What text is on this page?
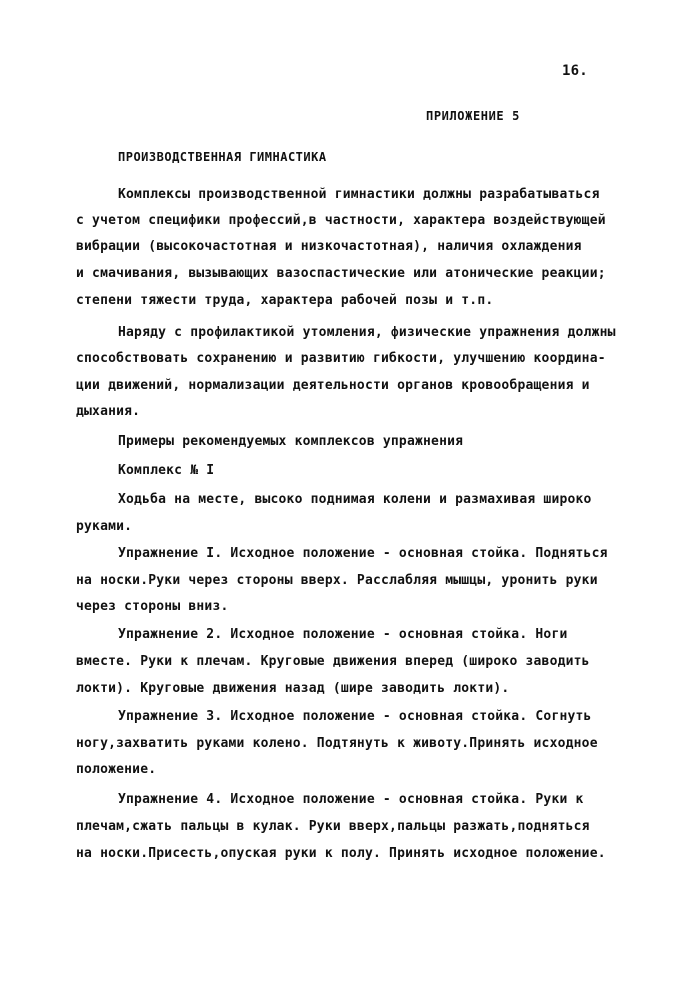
16.
ПРИЛОЖЕНИЕ 5
ПРОИЗВОДСТВЕННАЯ ГИМНАСТИКА
Комплексы производственной гимнастики должны разрабатываться
с учетом специфики профессий,в частности, характера воздействующей
вибрации (высокочастотная и низкочастотная), наличия охлаждения
и смачивания, вызывающих вазоспастические или атонические реакции;
степени тяжести труда, характера рабочей позы и т.п.
Наряду с профилактикой утомления, физические упражнения должны
способствовать сохранению и развитию гибкости, улучшению координа-
ции движений, нормализации деятельности органов кровообращения и
дыхания.
Примеры рекомендуемых комплексов упражнения
Комплекс № I
Ходьба на месте, высоко поднимая колени и размахивая широко
руками.
Упражнение I. Исходное положение - основная стойка. Подняться
на носки.Руки через стороны вверх. Расслабляя мышцы, уронить руки
через стороны вниз.
Упражнение 2. Исходное положение - основная стойка. Ноги
вместе. Руки к плечам. Круговые движения вперед (широко заводить
локти). Круговые движения назад (шире заводить локти).
Упражнение 3. Исходное положение - основная стойка. Согнуть
ногу,захватить руками колено. Подтянуть к животу.Принять исходное
положение.
Упражнение 4. Исходное положение - основная стойка. Руки к
плечам,сжать пальцы в кулак. Руки вверх,пальцы разжать,подняться
на носки.Присесть,опуская руки к полу. Принять исходное положение.
